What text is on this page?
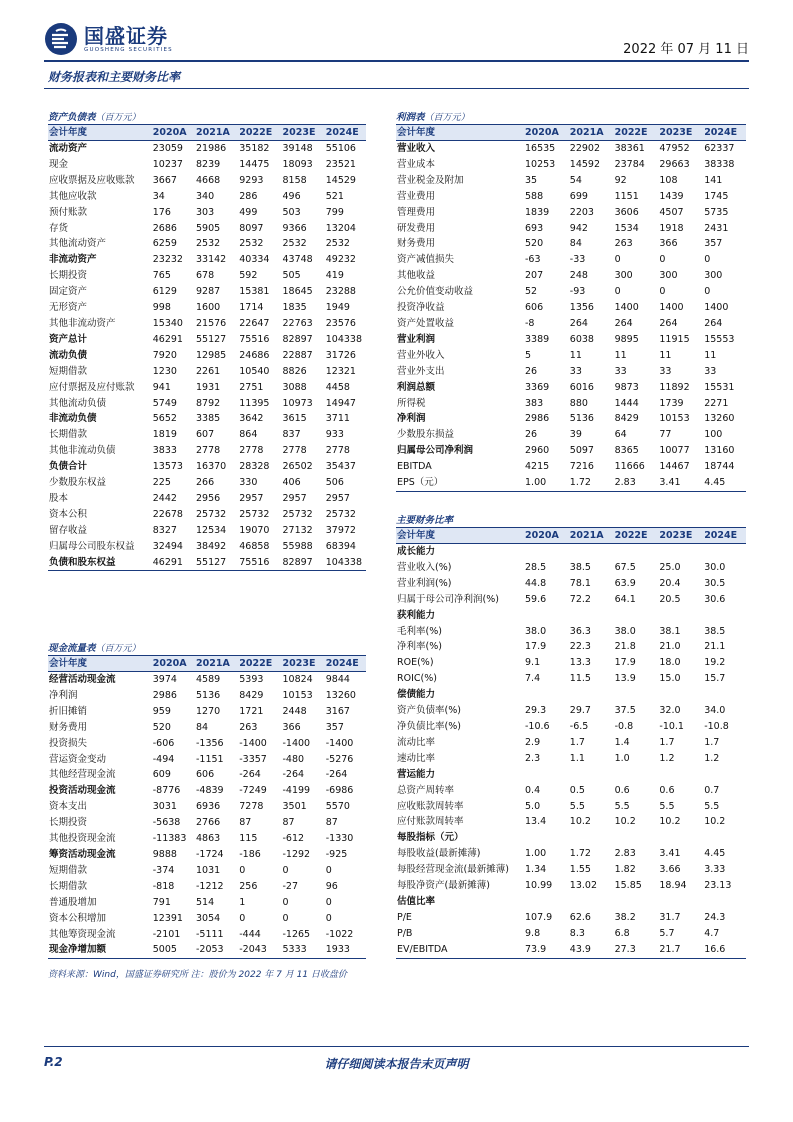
国盛证券
GUOSHENG SECURITIES	2022 年 07 月 11 日
财务报表和主要财务比率
资产负债表（百万元）
会计年度	2020A	2021A	2022E	2023E	2024E
流动资产	23059	21986	35182	39148	55106
现金	10237	8239	14475	18093	23521
应收票据及应收账款	3667	4668	9293	8158	14529
其他应收款	34	340	286	496	521
预付账款	176	303	499	503	799
存货	2686	5905	8097	9366	13204
其他流动资产	6259	2532	2532	2532	2532
非流动资产	23232	33142	40334	43748	49232
长期投资	765	678	592	505	419
固定资产	6129	9287	15381	18645	23288
无形资产	998	1600	1714	1835	1949
其他非流动资产	15340	21576	22647	22763	23576
资产总计	46291	55127	75516	82897	104338
流动负债	7920	12985	24686	22887	31726
短期借款	1230	2261	10540	8826	12321
应付票据及应付账款	941	1931	2751	3088	4458
其他流动负债	5749	8792	11395	10973	14947
非流动负债	5652	3385	3642	3615	3711
长期借款	1819	607	864	837	933
其他非流动负债	3833	2778	2778	2778	2778
负债合计	13573	16370	28328	26502	35437
少数股东权益	225	266	330	406	506
股本	2442	2956	2957	2957	2957
资本公积	22678	25732	25732	25732	25732
留存收益	8327	12534	19070	27132	37972
归属母公司股东权益	32494	38492	46858	55988	68394
负债和股东权益	46291	55127	75516	82897	104338
利润表（百万元）
会计年度	2020A	2021A	2022E	2023E	2024E
营业收入	16535	22902	38361	47952	62337
营业成本	10253	14592	23784	29663	38338
营业税金及附加	35	54	92	108	141
营业费用	588	699	1151	1439	1745
管理费用	1839	2203	3606	4507	5735
研发费用	693	942	1534	1918	2431
财务费用	520	84	263	366	357
资产减值损失	-63	-33	0	0	0
其他收益	207	248	300	300	300
公允价值变动收益	52	-93	0	0	0
投资净收益	606	1356	1400	1400	1400
资产处置收益	-8	264	264	264	264
营业利润	3389	6038	9895	11915	15553
营业外收入	5	11	11	11	11
营业外支出	26	33	33	33	33
利润总额	3369	6016	9873	11892	15531
所得税	383	880	1444	1739	2271
净利润	2986	5136	8429	10153	13260
少数股东损益	26	39	64	77	100
归属母公司净利润	2960	5097	8365	10077	13160
EBITDA	4215	7216	11666	14467	18744
EPS（元）	1.00	1.72	2.83	3.41	4.45
主要财务比率
会计年度	2020A	2021A	2022E	2023E	2024E
成长能力					
营业收入(%)	28.5	38.5	67.5	25.0	30.0
营业利润(%)	44.8	78.1	63.9	20.4	30.5
归属于母公司净利润(%)	59.6	72.2	64.1	20.5	30.6
获利能力					
毛利率(%)	38.0	36.3	38.0	38.1	38.5
净利率(%)	17.9	22.3	21.8	21.0	21.1
ROE(%)	9.1	13.3	17.9	18.0	19.2
ROIC(%)	7.4	11.5	13.9	15.0	15.7
偿债能力					
资产负债率(%)	29.3	29.7	37.5	32.0	34.0
净负债比率(%)	-10.6	-6.5	-0.8	-10.1	-10.8
流动比率	2.9	1.7	1.4	1.7	1.7
速动比率	2.3	1.1	1.0	1.2	1.2
营运能力					
总资产周转率	0.4	0.5	0.6	0.6	0.7
应收账款周转率	5.0	5.5	5.5	5.5	5.5
应付账款周转率	13.4	10.2	10.2	10.2	10.2
每股指标（元）					
每股收益(最新摊薄)	1.00	1.72	2.83	3.41	4.45
每股经营现金流(最新摊薄)	1.34	1.55	1.82	3.66	3.33
每股净资产(最新摊薄)	10.99	13.02	15.85	18.94	23.13
估值比率					
P/E	107.9	62.6	38.2	31.7	24.3
P/B	9.8	8.3	6.8	5.7	4.7
EV/EBITDA	73.9	43.9	27.3	21.7	16.6
现金流量表（百万元）
会计年度	2020A	2021A	2022E	2023E	2024E
经营活动现金流	3974	4589	5393	10824	9844
净利润	2986	5136	8429	10153	13260
折旧摊销	959	1270	1721	2448	3167
财务费用	520	84	263	366	357
投资损失	-606	-1356	-1400	-1400	-1400
营运资金变动	-494	-1151	-3357	-480	-5276
其他经营现金流	609	606	-264	-264	-264
投资活动现金流	-8776	-4839	-7249	-4199	-6986
资本支出	3031	6936	7278	3501	5570
长期投资	-5638	2766	87	87	87
其他投资现金流	-11383	4863	115	-612	-1330
筹资活动现金流	9888	-1724	-186	-1292	-925
短期借款	-374	1031	0	0	0
长期借款	-818	-1212	256	-27	96
普通股增加	791	514	1	0	0
资本公积增加	12391	3054	0	0	0
其他筹资现金流	-2101	-5111	-444	-1265	-1022
现金净增加额	5005	-2053	-2043	5333	1933
资料来源：Wind，国盛证券研究所 注：股价为 2022 年 7 月 11 日收盘价
P.2	请仔细阅读本报告末页声明
